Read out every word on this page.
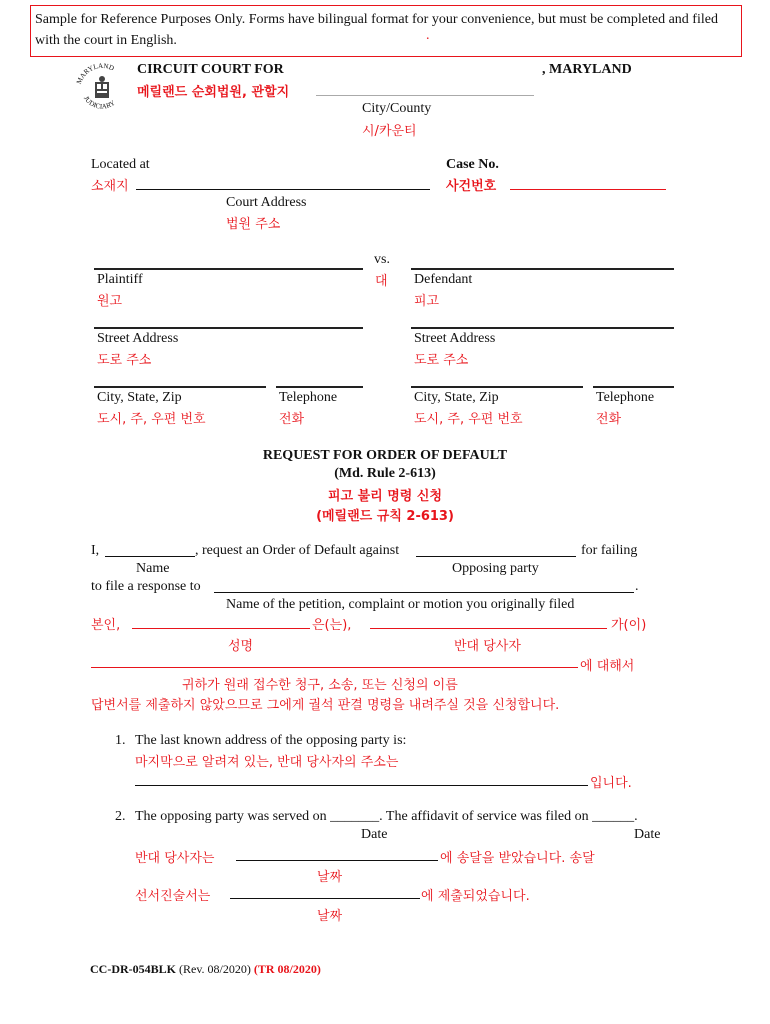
Sample for Reference Purposes Only. Forms have bilingual format for your convenience, but must be completed and filed with the court in English.	.
MARYLAND
JUDICIARY
CIRCUIT COURT FOR	, MARYLAND
메릴랜드 순회법원, 관할지
City/County
시/카운티
Located at
소재지
Case No.
사건번호
Court Address
법원 주소
vs.
대
Plaintiff
원고
Defendant
피고
Street Address
도로 주소
Street Address
도로 주소
City, State, Zip
도시, 주, 우편 번호
Telephone
전화
City, State, Zip
도시, 주, 우편 번호
Telephone
전화
REQUEST FOR ORDER OF DEFAULT
(Md. Rule 2-613)
피고 불리 명령 신청
(메릴랜드 규칙 2-613)
I,	, request an Order of Default against	for failing
Name	Opposing party
to file a response to	.
Name of the petition, complaint or motion you originally filed
본인,	은(는),	가(이)
성명	반대 당사자
에 대해서
귀하가 원래 접수한 청구, 소송, 또는 신청의 이름
답변서를 제출하지 않았으므로 그에게 궐석 판결 명령을 내려주실 것을 신청합니다.
1. The last known address of the opposing party is:
마지막으로 알려져 있는, 반대 당사자의 주소는
입니다.
2. The opposing party was served on _______. The affidavit of service was filed on ______.
Date	Date
반대 당사자는	에 송달을 받았습니다. 송달
날짜
선서진술서는	에 제출되었습니다.
날짜
CC-DR-054BLK (Rev. 08/2020) (TR 08/2020)
